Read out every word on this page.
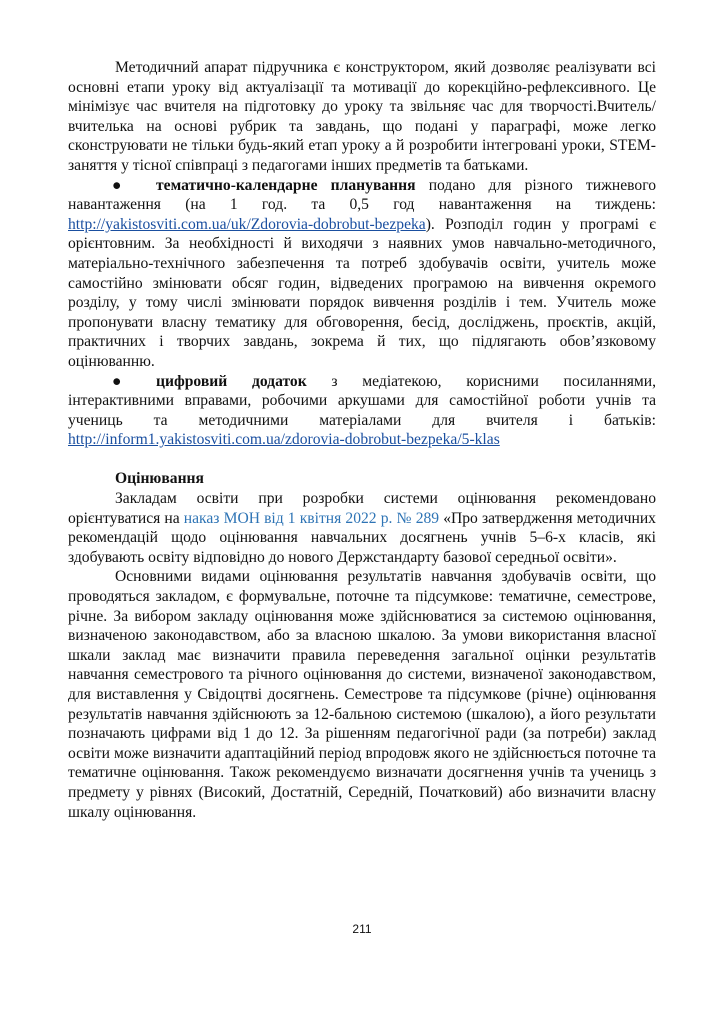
Методичний апарат підручника є конструктором, який дозволяє реалізувати всі основні етапи уроку від актуалізації та мотивації до корекційно-рефлексивного. Це мінімізує час вчителя на підготовку до уроку та звільняє час для творчості.Вчитель/вчителька на основі рубрик та завдань, що подані у параграфі, може легко сконструювати не тільки будь-який етап уроку а й розробити інтегровані уроки, STEM-заняття у тісної співпраці з педагогами інших предметів та батьками.

● тематично-календарне планування подано для різного тижневого навантаження (на 1 год. та 0,5 год навантаження на тиждень: http://yakistosviti.com.ua/uk/Zdorovia-dobrobut-bezpeka). Розподіл годин у програмі є орієнтовним. За необхідності й виходячи з наявних умов навчально-методичного, матеріально-технічного забезпечення та потреб здобувачів освіти, учитель може самостійно змінювати обсяг годин, відведених програмою на вивчення окремого розділу, у тому числі змінювати порядок вивчення розділів і тем. Учитель може пропонувати власну тематику для обговорення, бесід, досліджень, проєктів, акцій, практичних і творчих завдань, зокрема й тих, що підлягають обов’язковому оцінюванню.

● цифровий додаток з медіатекою, корисними посиланнями, інтерактивними вправами, робочими аркушами для самостійної роботи учнів та учениць та методичними матеріалами для вчителя і батьків: http://inform1.yakistosviti.com.ua/zdorovia-dobrobut-bezpeka/5-klas

Оцінювання

Закладам освіти при розробки системи оцінювання рекомендовано орієнтуватися на наказ МОН від 1 квітня 2022 р. № 289 «Про затвердження методичних рекомендацій щодо оцінювання навчальних досягнень учнів 5–6-х класів, які здобувають освіту відповідно до нового Держстандарту базової середньої освіти».

Основними видами оцінювання результатів навчання здобувачів освіти, що проводяться закладом, є формувальне, поточне та підсумкове: тематичне, семестрове, річне. За вибором закладу оцінювання може здійснюватися за системою оцінювання, визначеною законодавством, або за власною шкалою. За умови використання власної шкали заклад має визначити правила переведення загальної оцінки результатів навчання семестрового та річного оцінювання до системи, визначеної законодавством, для виставлення у Свідоцтві досягнень. Семестрове та підсумкове (річне) оцінювання результатів навчання здійснюють за 12-бальною системою (шкалою), а його результати позначають цифрами від 1 до 12. За рішенням педагогічної ради (за потреби) заклад освіти може визначити адаптаційний період впродовж якого не здійснюється поточне та тематичне оцінювання. Також рекомендуємо визначати досягнення учнів та учениць з предмету у рівнях (Високий, Достатній, Середній, Початковий) або визначити власну шкалу оцінювання.

211
